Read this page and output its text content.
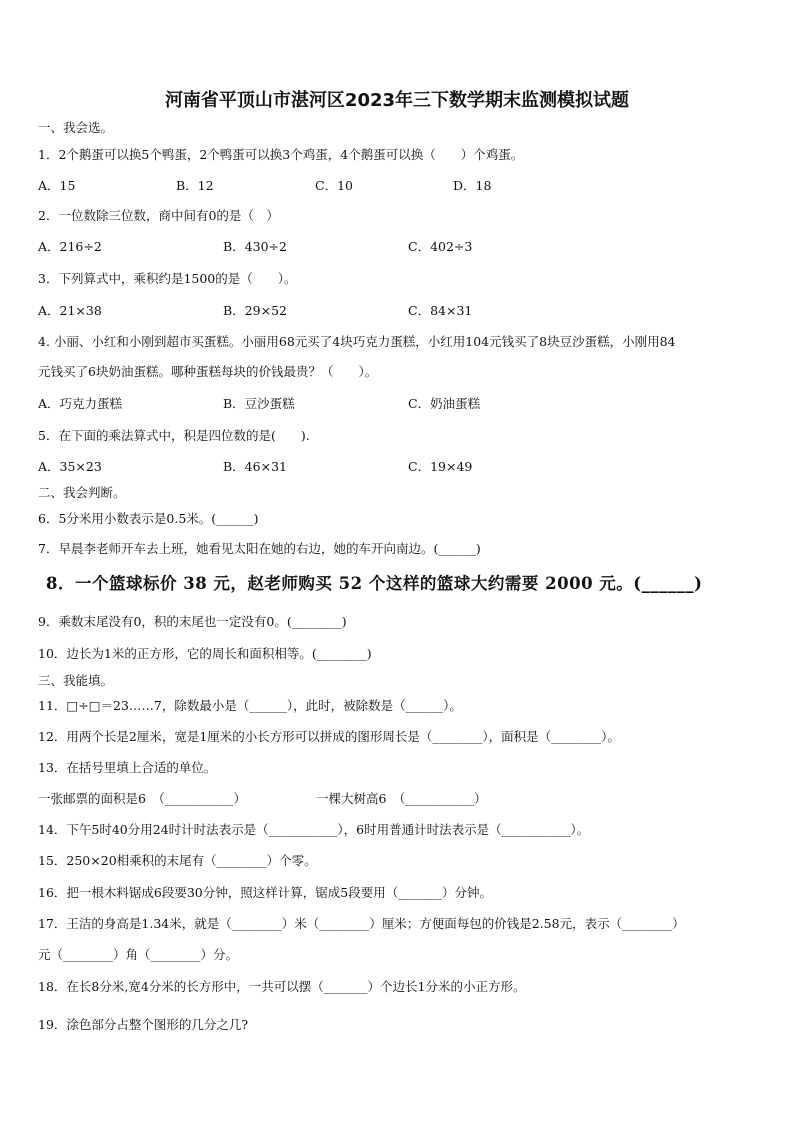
河南省平顶山市湛河区2023年三下数学期末监测模拟试题
一、我会选。
1．2个鹅蛋可以换5个鸭蛋，2个鸭蛋可以换3个鸡蛋，4个鹅蛋可以换（　　）个鸡蛋。
A．15	B．12	C．10	D．18
2．一位数除三位数，商中间有0的是（　）
A．216÷2	B．430÷2	C．402÷3
3．下列算式中，乘积约是1500的是（　　）。
A．21×38	B．29×52	C．84×31
4. 小丽、小红和小刚到超市买蛋糕。小丽用68元买了4块巧克力蛋糕，小红用104元钱买了8块豆沙蛋糕，小刚用84
元钱买了6块奶油蛋糕。哪种蛋糕每块的价钱最贵？（　　）。
A．巧克力蛋糕	B．豆沙蛋糕	C．奶油蛋糕
5．在下面的乘法算式中，积是四位数的是(　　).
A．35×23	B．46×31	C．19×49
二、我会判断。
6．5分米用小数表示是0.5米。(______)
7．早晨李老师开车去上班，她看见太阳在她的右边，她的车开向南边。(______)
8．一个篮球标价 38 元，赵老师购买 52 个这样的篮球大约需要 2000 元。(______)
9．乘数末尾没有0，积的末尾也一定没有0。(________)
10．边长为1米的正方形，它的周长和面积相等。(________)
三、我能填。
11．□÷□＝23……7，除数最小是（______），此时，被除数是（______）。
12．用两个长是2厘米，宽是1厘米的小长方形可以拼成的图形周长是（________），面积是（________）。
13．在括号里填上合适的单位。
一张邮票的面积是6　（___________）	一棵大树高6　（___________）
14．下午5时40分用24时计时法表示是（___________），6时用普通计时法表示是（___________）。
15．250×20相乘积的末尾有（________）个零。
16．把一根木料锯成6段要30分钟，照这样计算，锯成5段要用（_______）分钟。
17．王洁的身高是1.34米，就是（________）米（________）厘米；方便面每包的价钱是2.58元，表示（________）
元（________）角（________）分。
18．在长8分米,宽4分米的长方形中，一共可以摆（_______）个边长1分米的小正方形。
19．涂色部分占整个图形的几分之几?
